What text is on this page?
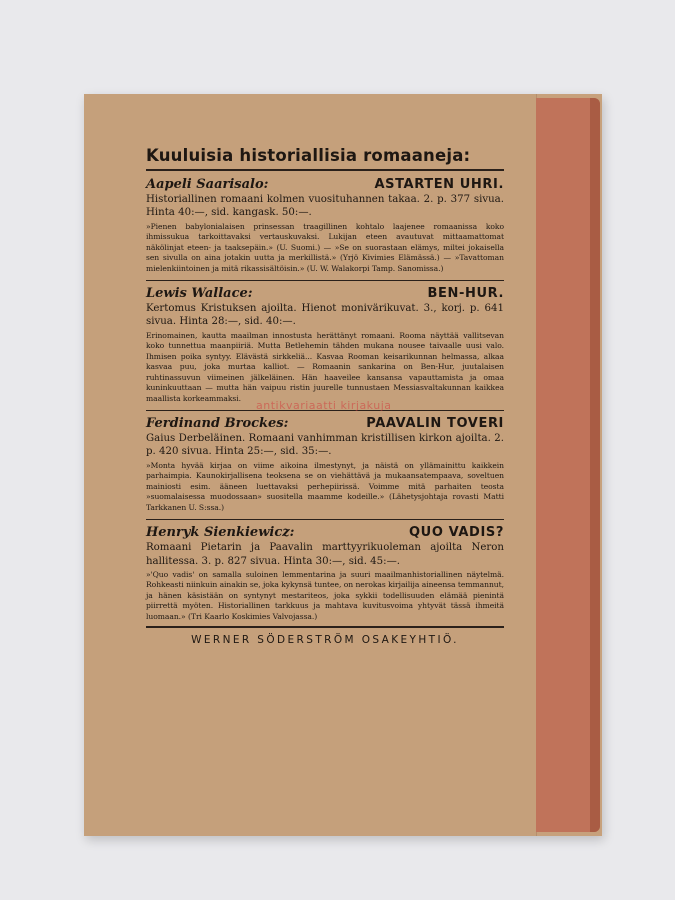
Kuuluisia historiallisia romaaneja:
Aapeli Saarisalo:	ASTARTEN UHRI.

Historiallinen romaani kolmen vuosituhannen takaa. 2. p. 377 sivua. Hinta 40:—, sid. kangask. 50:—.

»Pienen babylonialaisen prinsessan traagillinen kohtalo laajenee romaanissa koko ihmissukua tarkoittavaksi vertauskuvaksi. Lukijan eteen avautuvat mittaamattomat näkölinjat eteen- ja taaksepäin.» (U. Suomi.) — »Se on suorastaan elämys, miltei jokaisella sen sivulla on aina jotakin uutta ja merkillistä.» (Yrjö Kivimies Elämässä.) — »Tavattoman mielenkiintoinen ja mitä rikassisältöisin.» (U. W. Walakorpi Tamp. Sanomissa.)

Lewis Wallace:	BEN-HUR.

Kertomus Kristuksen ajoilta. Hienot monivärikuvat. 3., korj. p. 641 sivua. Hinta 28:—, sid. 40:—.

Erinomainen, kautta maailman innostusta herättänyt romaani. Rooma näyttää vallitsevan koko tunnettua maanpiiriä. Mutta Betlehemin tähden mukana nousee taivaalle uusi valo. Ihmisen poika syntyy. Elävästä sirkkeliä... Kasvaa Rooman keisarikunnan helmassa, alkaa kasvaa puu, joka murtaa kalliot. — Romaanin sankarina on Ben-Hur, juutalaisen ruhtinassuvun viimeinen jälkeläinen. Hän haaveilee kansansa vapauttamista ja omaa kuninkuuttaan — mutta hän vaipuu ristin juurelle tunnustaen Messiasvaltakunnan kaikkea maallista korkeammaksi.

Ferdinand Brockes:	PAAVALIN TOVERI

Gaius Derbeläinen. Romaani vanhimman kristillisen kirkon ajoilta. 2. p. 420 sivua. Hinta 25:—, sid. 35:—.

»Monta hyvää kirjaa on viime aikoina ilmestynyt, ja näistä on yllämainittu kaikkein parhaimpia. Kaunokirjallisena teoksena se on viehättävä ja mukaansatempaava, soveltuen mainiosti esim. ääneen luettavaksi perhepiirissä. Voimme mitä parhaiten teosta »suomalaisessa muodossaan» suositella maamme kodeille.» (Lähetysjohtaja rovasti Matti Tarkkanen U. S:ssa.)

Henryk Sienkiewicz:	QUO VADIS?

Romaani Pietarin ja Paavalin marttyyrikuoleman ajoilta Neron hallitessa. 3. p. 827 sivua. Hinta 30:—, sid. 45:—.

»'Quo vadis' on samalla suloinen lemmentarina ja suuri maailmanhistoriallinen näytelmä. Rohkeasti niinkuin ainakin se, joka kykynsä tuntee, on nerokas kirjailija aineensa temmannut, ja hänen käsistään on syntynyt mestariteos, joka sykkii todellisuuden elämää pienintä piirrettä myöten. Historiallinen tarkkuus ja mahtava kuvitusvoima yhtyvät tässä ihmeitä luomaan.» (Tri Kaarlo Koskimies Valvojassa.)

WERNER SÖDERSTRÖM OSAKEYHTIÖ.
antikvariaatti kirjakuja
